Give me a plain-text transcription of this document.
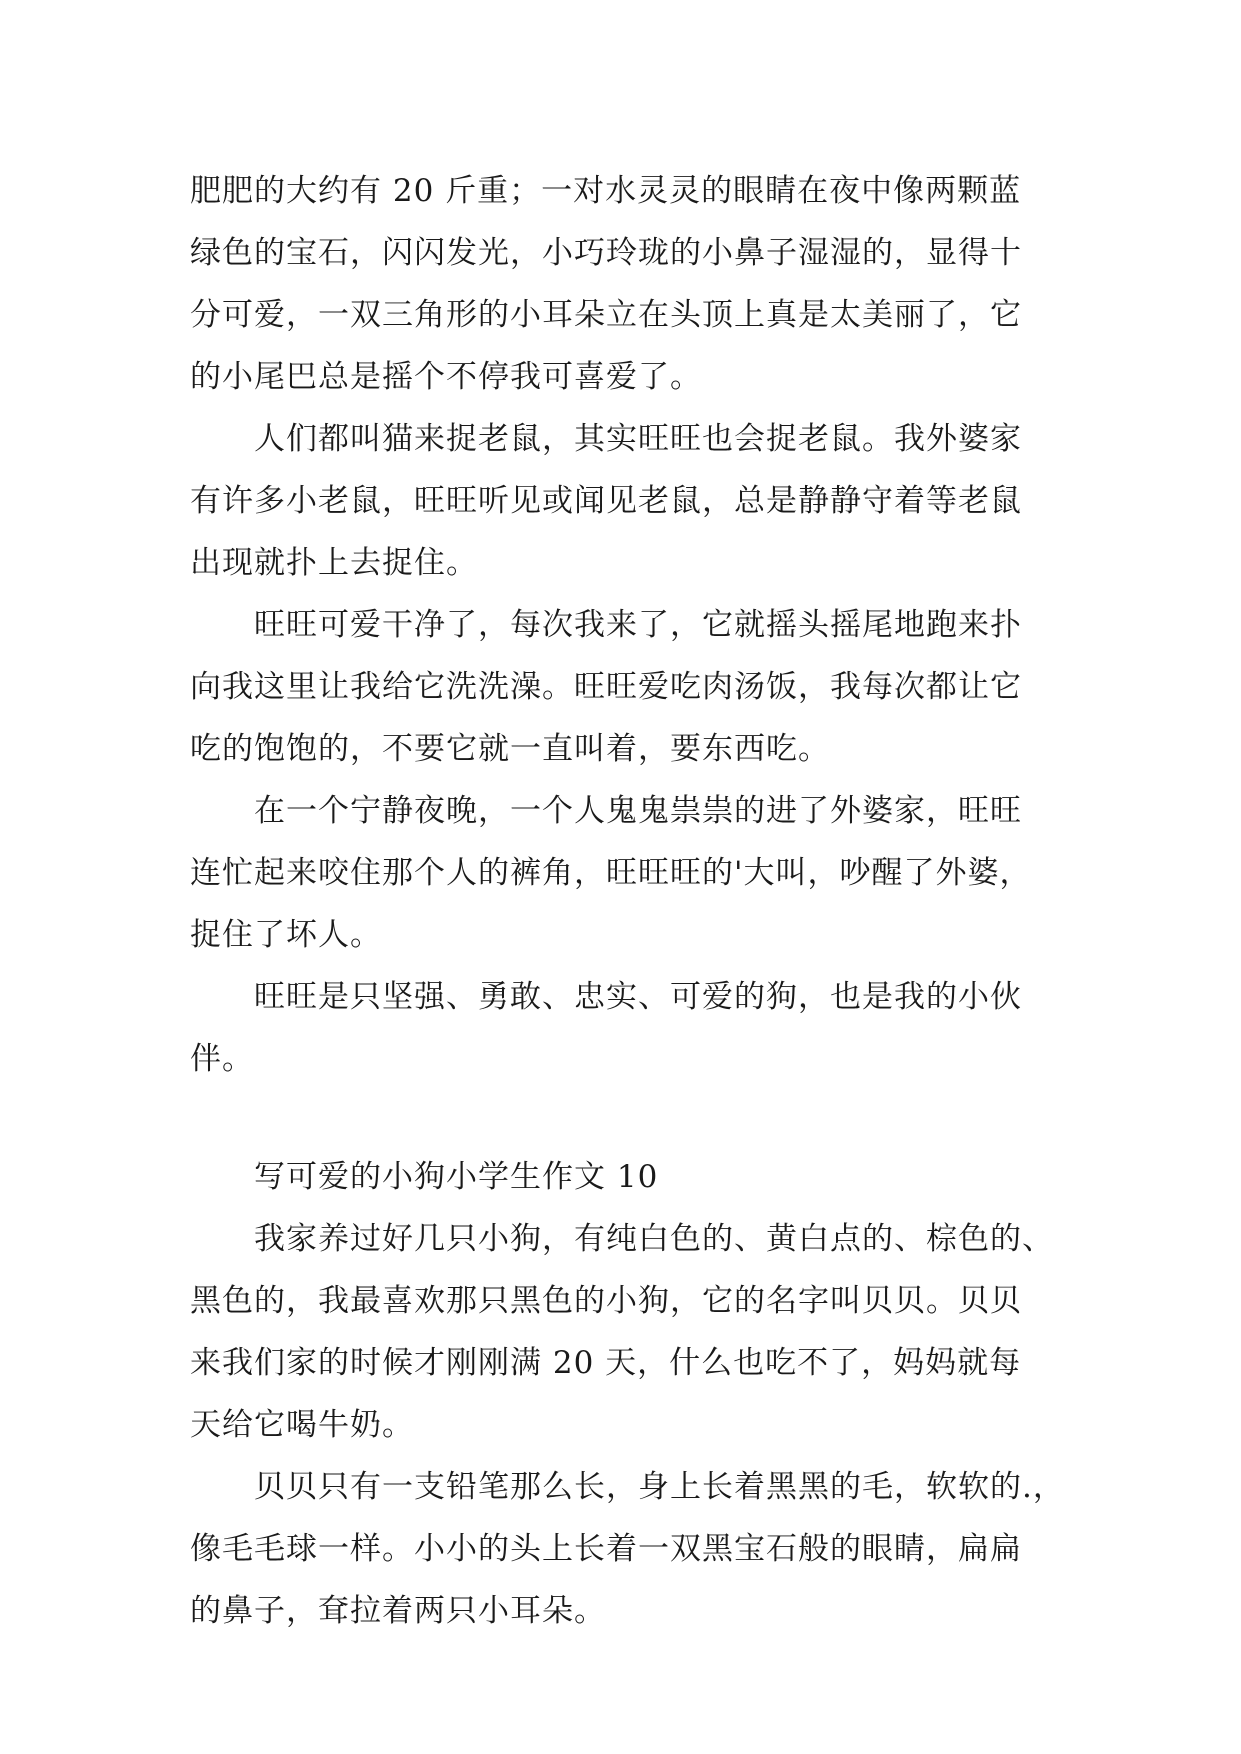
肥肥的大约有 20 斤重；一对水灵灵的眼睛在夜中像两颗蓝
绿色的宝石，闪闪发光，小巧玲珑的小鼻子湿湿的，显得十
分可爱，一双三角形的小耳朵立在头顶上真是太美丽了，它
的小尾巴总是摇个不停我可喜爱了。
人们都叫猫来捉老鼠，其实旺旺也会捉老鼠。我外婆家
有许多小老鼠，旺旺听见或闻见老鼠，总是静静守着等老鼠
出现就扑上去捉住。
旺旺可爱干净了，每次我来了，它就摇头摇尾地跑来扑
向我这里让我给它洗洗澡。旺旺爱吃肉汤饭，我每次都让它
吃的饱饱的，不要它就一直叫着，要东西吃。
在一个宁静夜晚，一个人鬼鬼祟祟的进了外婆家，旺旺
连忙起来咬住那个人的裤角，旺旺旺的'大叫，吵醒了外婆，
捉住了坏人。
旺旺是只坚强、勇敢、忠实、可爱的狗，也是我的小伙
伴。
写可爱的小狗小学生作文 10
我家养过好几只小狗，有纯白色的、黄白点的、棕色的、
黑色的，我最喜欢那只黑色的小狗，它的名字叫贝贝。贝贝
来我们家的时候才刚刚满 20 天，什么也吃不了，妈妈就每
天给它喝牛奶。
贝贝只有一支铅笔那么长，身上长着黑黑的毛，软软的.，
像毛毛球一样。小小的头上长着一双黑宝石般的眼睛，扁扁
的鼻子，耷拉着两只小耳朵。
